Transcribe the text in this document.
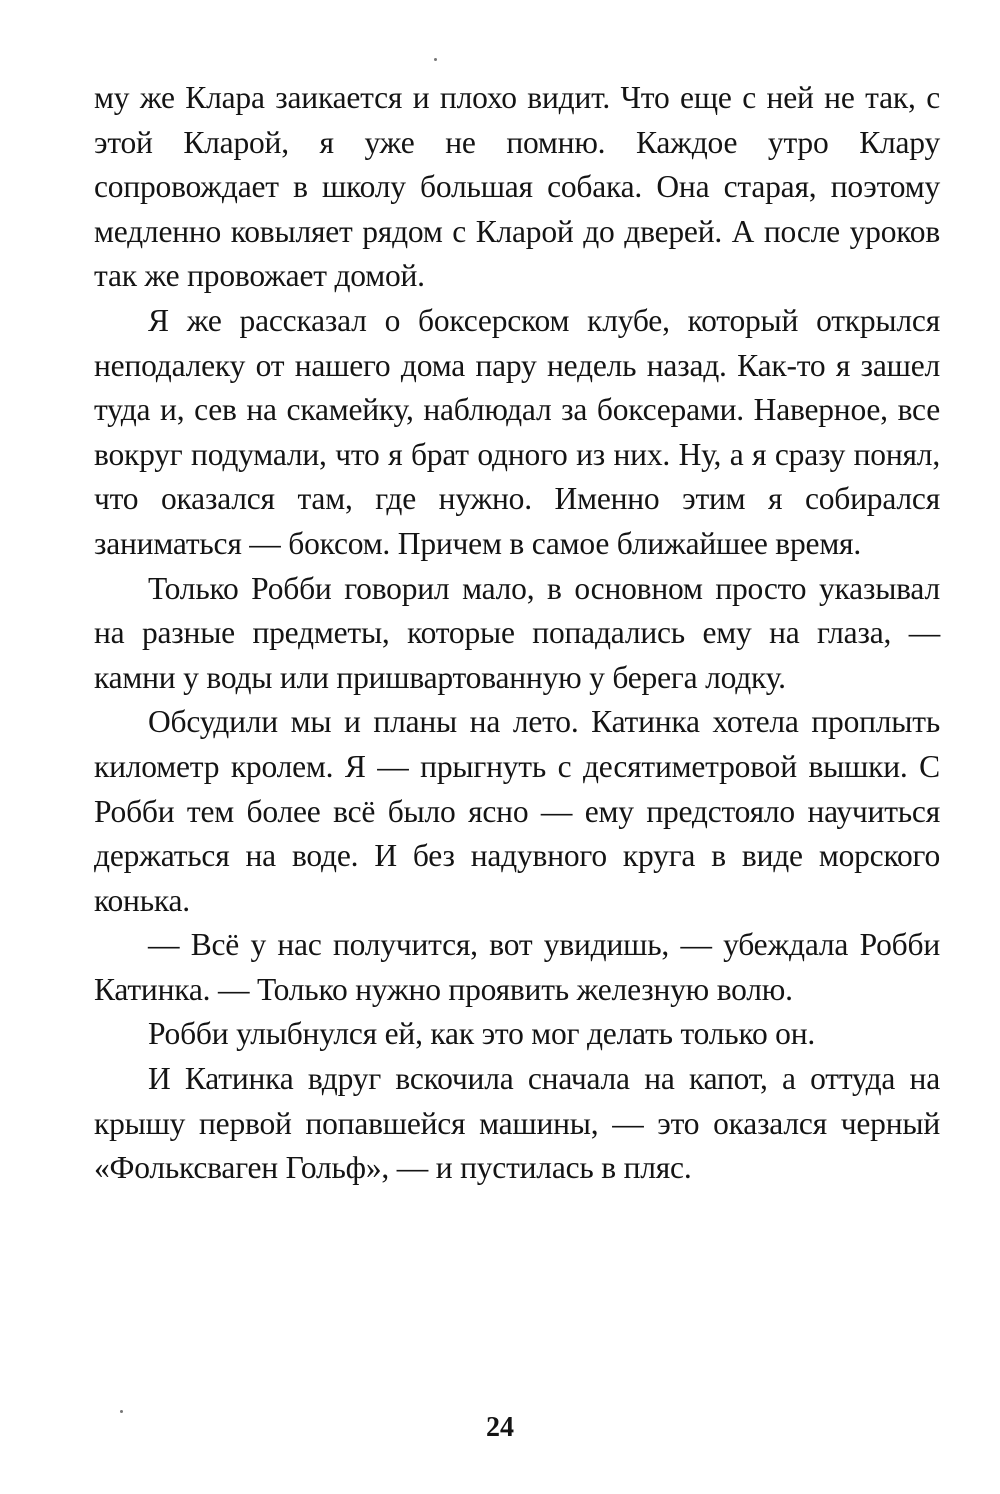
му же Клара заикается и плохо видит. Что еще с ней не так, с этой Кларой, я уже не помню. Каждое утро Клару сопровождает в школу большая собака. Она старая, поэтому медленно ковыляет рядом с Кларой до дверей. А после уроков так же провожает домой.

Я же рассказал о боксерском клубе, который открылся неподалеку от нашего дома пару недель назад. Как-то я зашел туда и, сев на скамейку, наблюдал за боксерами. Наверное, все вокруг подумали, что я брат одного из них. Ну, а я сразу понял, что оказался там, где нужно. Именно этим я собирался заниматься — боксом. Причем в самое ближайшее время.

Только Робби говорил мало, в основном просто указывал на разные предметы, которые попадались ему на глаза, — камни у воды или пришвартованную у берега лодку.

Обсудили мы и планы на лето. Катинка хотела проплыть километр кролем. Я — прыгнуть с десятиметровой вышки. С Робби тем более всё было ясно — ему предстояло научиться держаться на воде. И без надувного круга в виде морского конька.

— Всё у нас получится, вот увидишь, — убеждала Робби Катинка. — Только нужно проявить железную волю.

Робби улыбнулся ей, как это мог делать только он.

И Катинка вдруг вскочила сначала на капот, а оттуда на крышу первой попавшейся машины, — это оказался черный «Фольксваген Гольф», — и пустилась в пляс.

24
